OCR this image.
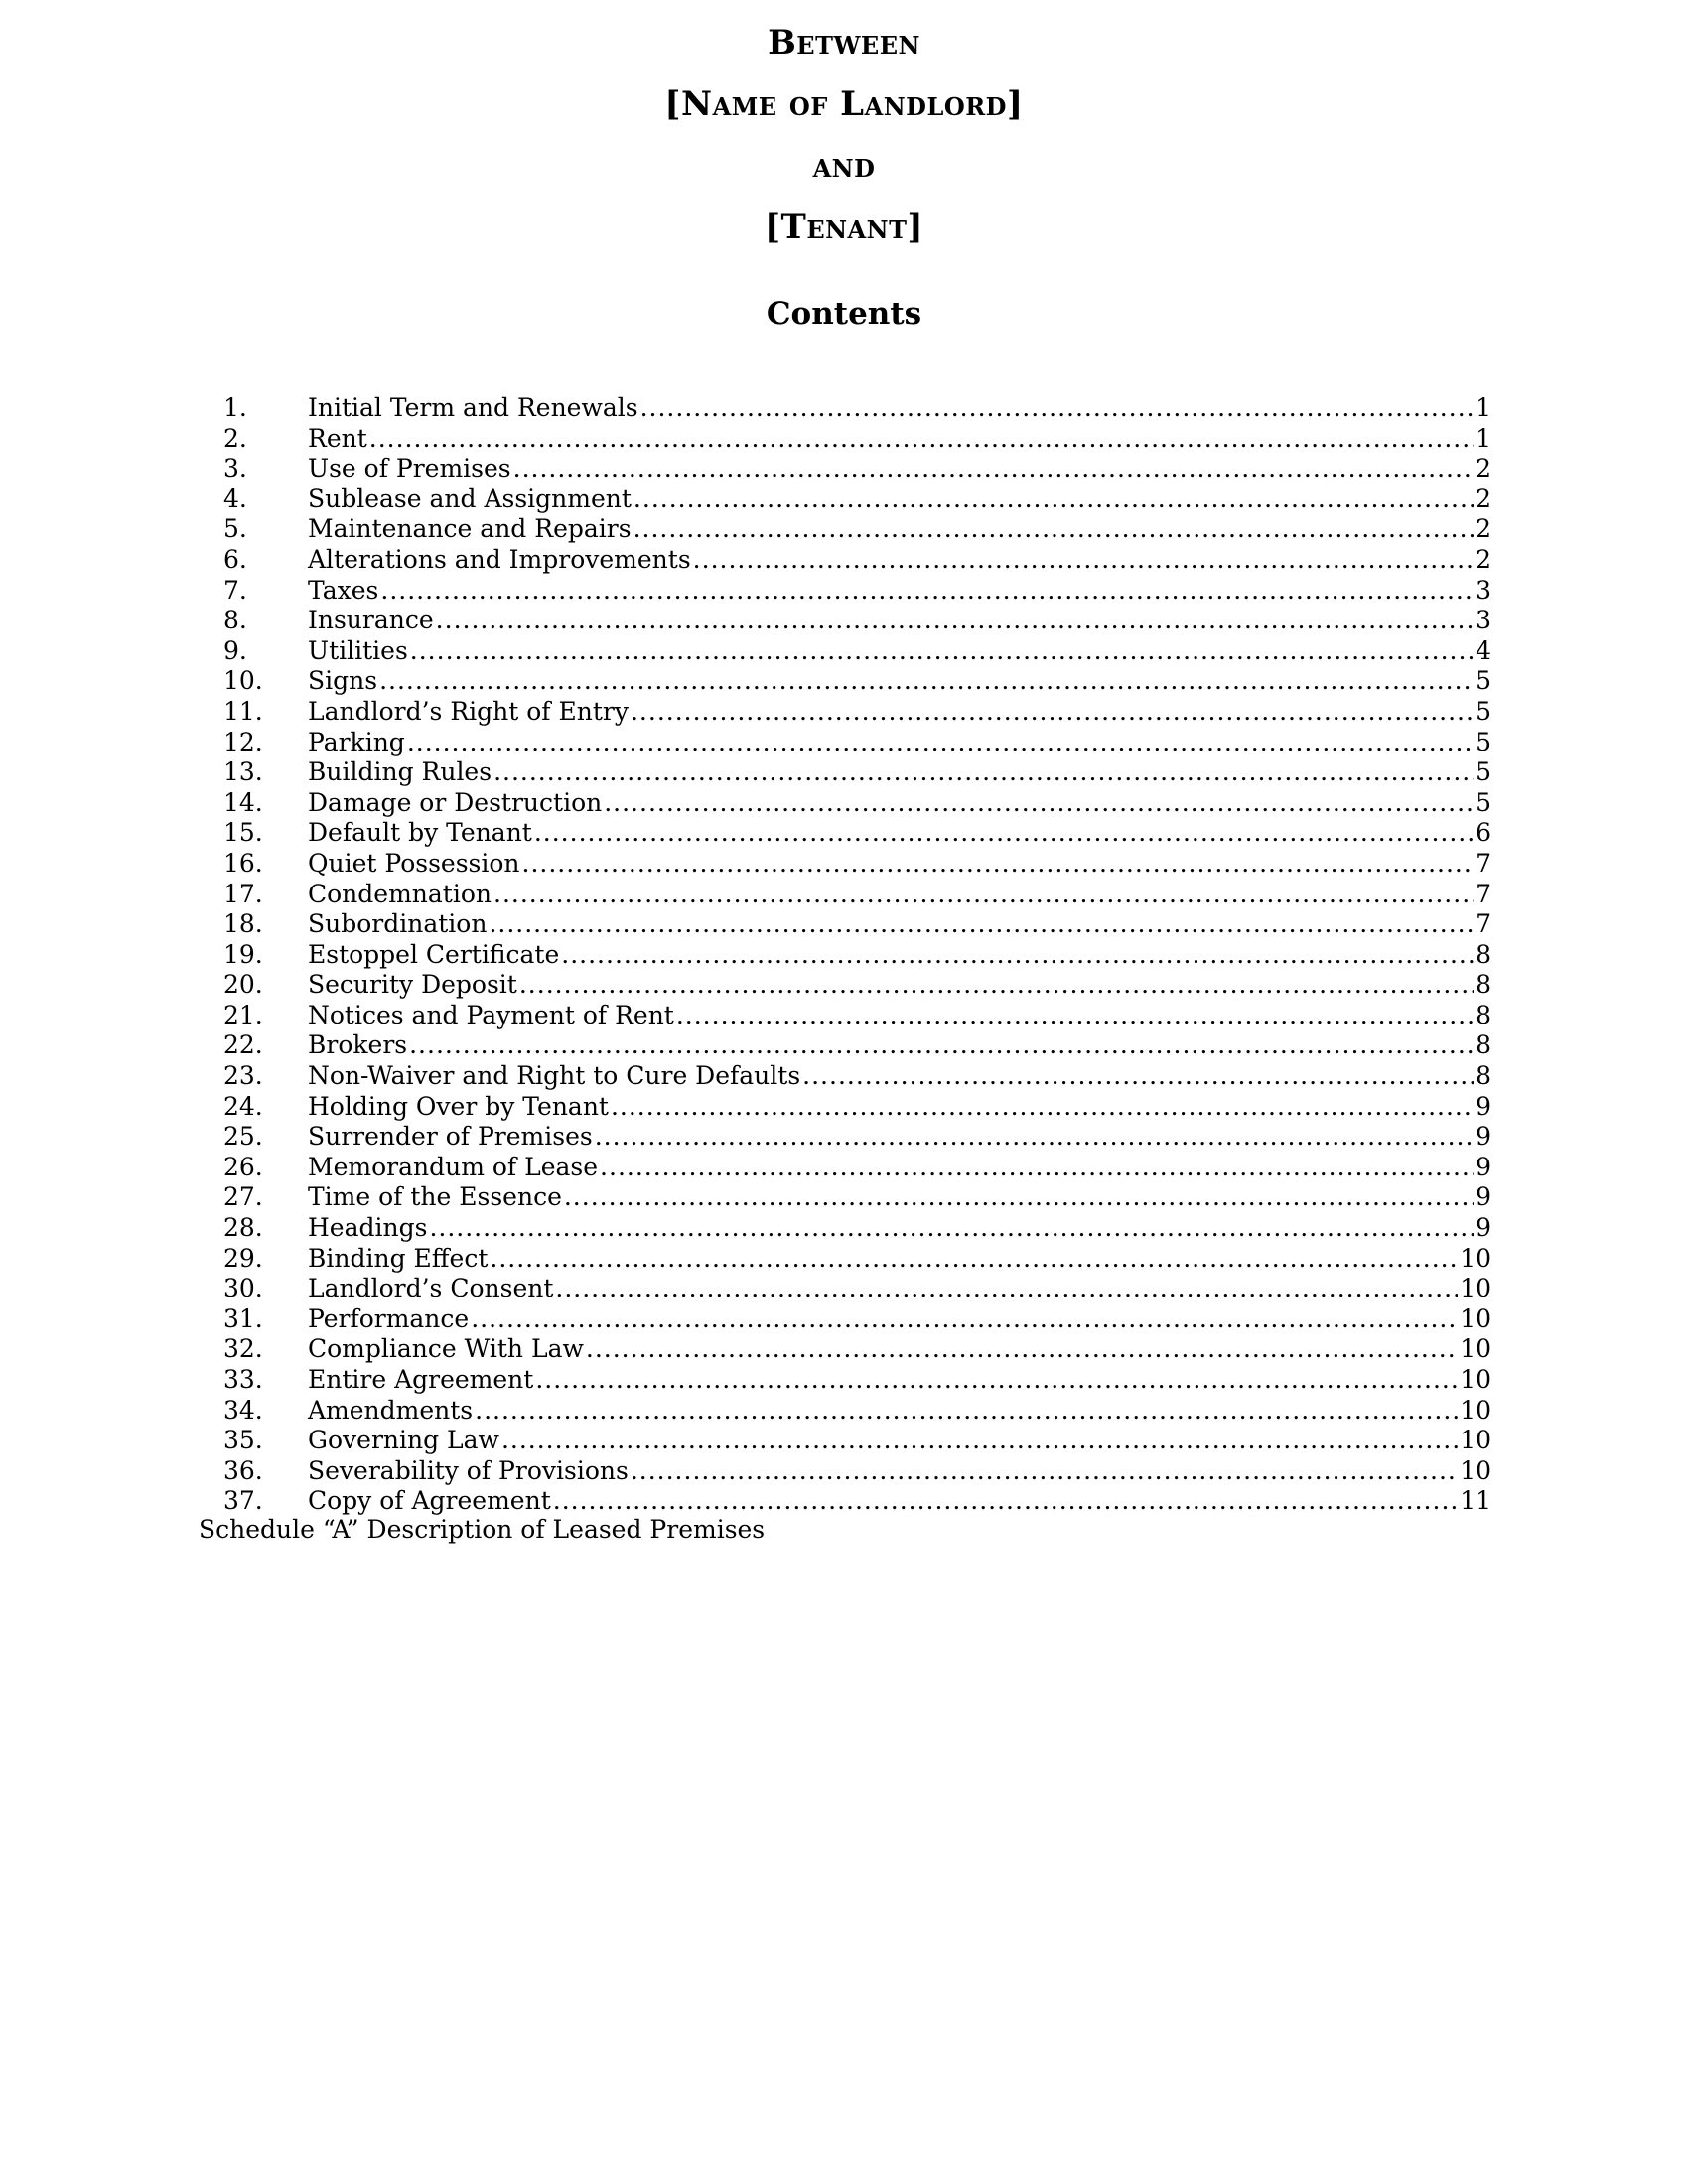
Between
[Name of Landlord]
and
[Tenant]
Contents
1.	Initial Term and Renewals .....	1
2.	Rent .....	1
3.	Use of Premises .....	2
4.	Sublease and Assignment .....	2
5.	Maintenance and Repairs .....	2
6.	Alterations and Improvements .....	2
7.	Taxes .....	3
8.	Insurance .....	3
9.	Utilities .....	4
10.	Signs .....	5
11.	Landlord’s Right of Entry .....	5
12.	Parking .....	5
13.	Building Rules .....	5
14.	Damage or Destruction .....	5
15.	Default by Tenant .....	6
16.	Quiet Possession .....	7
17.	Condemnation .....	7
18.	Subordination .....	7
19.	Estoppel Certificate .....	8
20.	Security Deposit .....	8
21.	Notices and Payment of Rent .....	8
22.	Brokers .....	8
23.	Non-Waiver and Right to Cure Defaults .....	8
24.	Holding Over by Tenant .....	9
25.	Surrender of Premises .....	9
26.	Memorandum of Lease .....	9
27.	Time of the Essence .....	9
28.	Headings .....	9
29.	Binding Effect .....	10
30.	Landlord’s Consent .....	10
31.	Performance .....	10
32.	Compliance With Law .....	10
33.	Entire Agreement .....	10
34.	Amendments .....	10
35.	Governing Law .....	10
36.	Severability of Provisions .....	10
37.	Copy of Agreement .....	11
Schedule “A” Description of Leased Premises
